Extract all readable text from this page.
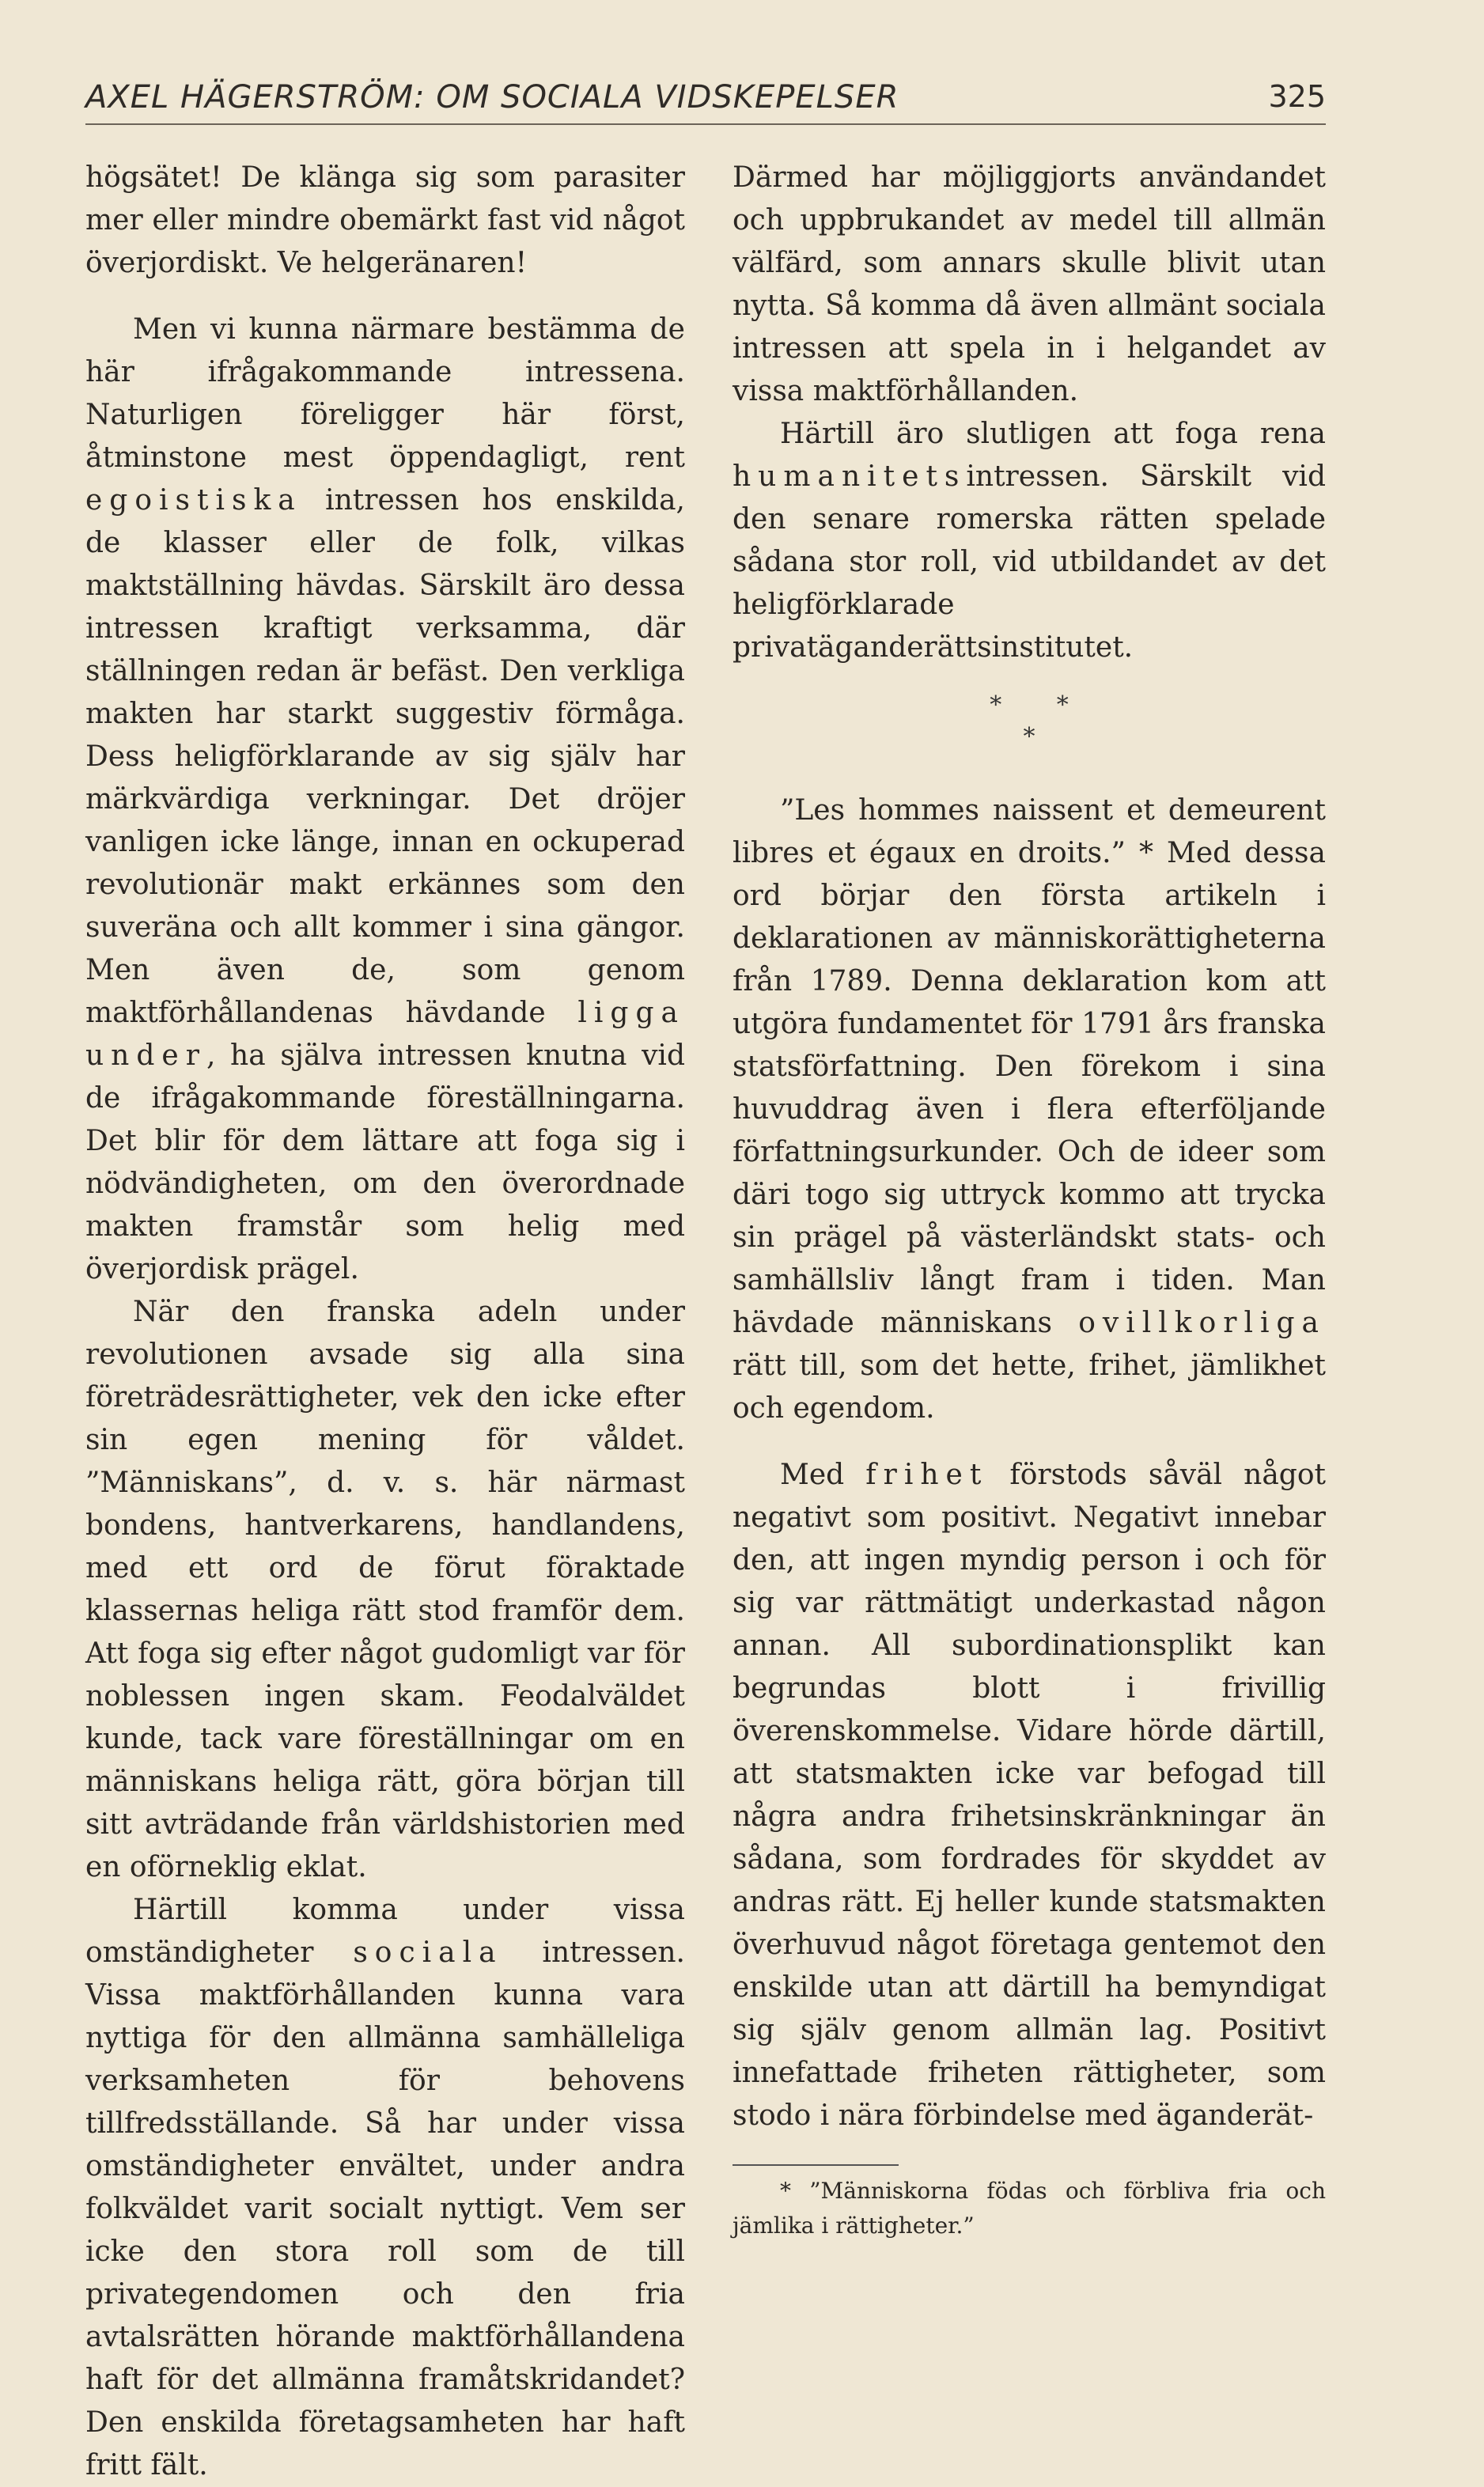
AXEL HÄGERSTRÖM: OM SOCIALA VIDSKEPELSER	325

högsätet! De klänga sig som parasiter mer eller mindre obemärkt fast vid något överjordiskt. Ve helgeränaren!

Men vi kunna närmare bestämma de här ifrågakommande intressena. Naturligen föreligger här först, åtminstone mest öppendagligt, rent egoistiska intressen hos enskilda, de klasser eller de folk, vilkas maktställning hävdas. Särskilt äro dessa intressen kraftigt verksamma, där ställningen redan är befäst. Den verkliga makten har starkt suggestiv förmåga. Dess heligförklarande av sig själv har märkvärdiga verkningar. Det dröjer vanligen icke länge, innan en ockuperad revolutionär makt erkännes som den suveräna och allt kommer i sina gängor. Men även de, som genom maktförhållandenas hävdande ligga under, ha själva intressen knutna vid de ifrågakommande föreställningarna. Det blir för dem lättare att foga sig i nödvändigheten, om den överordnade makten framstår som helig med överjordisk prägel.

När den franska adeln under revolutionen avsade sig alla sina företrädesrättigheter, vek den icke efter sin egen mening för våldet. ”Människans”, d. v. s. här närmast bondens, hantverkarens, handlandens, med ett ord de förut föraktade klassernas heliga rätt stod framför dem. Att foga sig efter något gudomligt var för noblessen ingen skam. Feodalväldet kunde, tack vare föreställningar om en människans heliga rätt, göra början till sitt avträdande från världshistorien med en oförneklig eklat.

Härtill komma under vissa omständigheter sociala intressen. Vissa maktförhållanden kunna vara nyttiga för den allmänna samhälleliga verksamheten för behovens tillfredsställande. Så har under vissa omständigheter envältet, under andra folkväldet varit socialt nyttigt. Vem ser icke den stora roll som de till privategendomen och den fria avtalsrätten hörande maktförhållandena haft för det allmänna framåtskridandet? Den enskilda företagsamheten har haft fritt fält.

Därmed har möjliggjorts användandet och uppbrukandet av medel till allmän välfärd, som annars skulle blivit utan nytta. Så komma då även allmänt sociala intressen att spela in i helgandet av vissa maktförhållanden.

Härtill äro slutligen att foga rena humanitetsintressen. Särskilt vid den senare romerska rätten spelade sådana stor roll, vid utbildandet av det heligförklarade privatäganderättsinstitutet.

* *
*

”Les hommes naissent et demeurent libres et égaux en droits.” * Med dessa ord börjar den första artikeln i deklarationen av människorättigheterna från 1789. Denna deklaration kom att utgöra fundamentet för 1791 års franska statsförfattning. Den förekom i sina huvuddrag även i flera efterföljande författningsurkunder. Och de ideer som däri togo sig uttryck kommo att trycka sin prägel på västerländskt stats- och samhällsliv långt fram i tiden. Man hävdade människans ovillkorliga rätt till, som det hette, frihet, jämlikhet och egendom.

Med frihet förstods såväl något negativt som positivt. Negativt innebar den, att ingen myndig person i och för sig var rättmätigt underkastad någon annan. All subordinationsplikt kan begrundas blott i frivillig överenskommelse. Vidare hörde därtill, att statsmakten icke var befogad till några andra frihetsinskränkningar än sådana, som fordrades för skyddet av andras rätt. Ej heller kunde statsmakten överhuvud något företaga gentemot den enskilde utan att därtill ha bemyndigat sig själv genom allmän lag. Positivt innefattade friheten rättigheter, som stodo i nära förbindelse med äganderät-

* ”Människorna födas och förbliva fria och jämlika i rättigheter.”
